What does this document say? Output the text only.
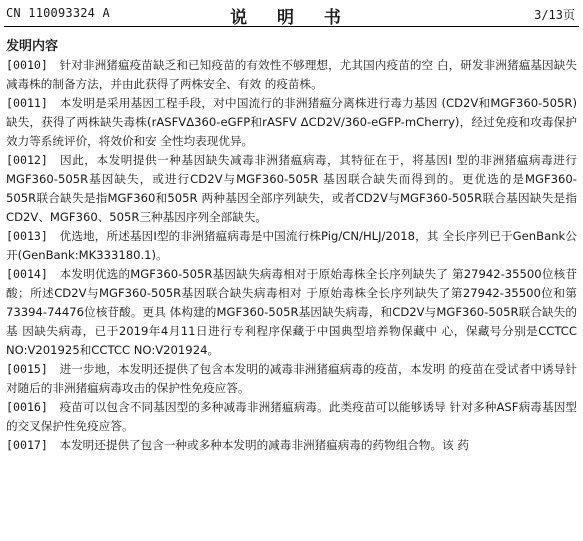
CN 110093324 A	说 明 书	3/13页
发明内容
[0010]  针对非洲猪瘟疫苗缺乏和已知疫苗的有效性不够理想，尤其国内疫苗的空 白，研发非洲猪瘟基因缺失减毒株的制备方法，并由此获得了两株安全、有效 的疫苗株。
[0011]  本发明是采用基因工程手段，对中国流行的非洲猪瘟分离株进行毒力基因 (CD2V和MGF360-505R)缺失，获得了两株缺失毒株(rASFVΔ360-eGFP和rASFV ΔCD2V/360-eGFP-mCherry)，经过免疫和攻毒保护效力等系统评价，将效价和安 全性均表现优异。
[0012]  因此，本发明提供一种基因缺失减毒非洲猪瘟病毒，其特征在于，将基因I 型的非洲猪瘟病毒进行MGF360-505R基因缺失，或进行CD2V与MGF360-505R 基因联合缺失而得到的。更优选的是MGF360-505R联合缺失是指MGF360和505R 两种基因全部序列缺失，或者CD2V与MGF360-505R联合基因缺失是指CD2V、MGF360、505R三种基因序列全部缺失。
[0013]  优选地，所述基因I型的非洲猪瘟病毒是中国流行株Pig/CN/HLJ/2018，其 全长序列已于GenBank公开(GenBank:MK333180.1)。
[0014]  本发明优选的MGF360-505R基因缺失病毒相对于原始毒株全长序列缺失了 第27942-35500位核苷酸；所述CD2V与MGF360-505R基因联合缺失病毒相对 于原始毒株全长序列缺失了第27942-35500位和第73394-74476位核苷酸。更具 体构建的MGF360-505R基因缺失病毒，和CD2V与MGF360-505R联合缺失的基 因缺失病毒，已于2019年4月11日进行专利程序保藏于中国典型培养物保藏中 心，保藏号分别是CCTCC NO:V201925和CCTCC NO:V201924。
[0015]  进一步地，本发明还提供了包含本发明的减毒非洲猪瘟病毒的疫苗，本发明 的疫苗在受试者中诱导针对随后的非洲猪瘟病毒攻击的保护性免疫应答。
[0016]  疫苗可以包含不同基因型的多种减毒非洲猪瘟病毒。此类疫苗可以能够诱导 针对多种ASF病毒基因型的交叉保护性免疫应答。
[0017]  本发明还提供了包含一种或多种本发明的减毒非洲猪瘟病毒的药物组合物。该 药
